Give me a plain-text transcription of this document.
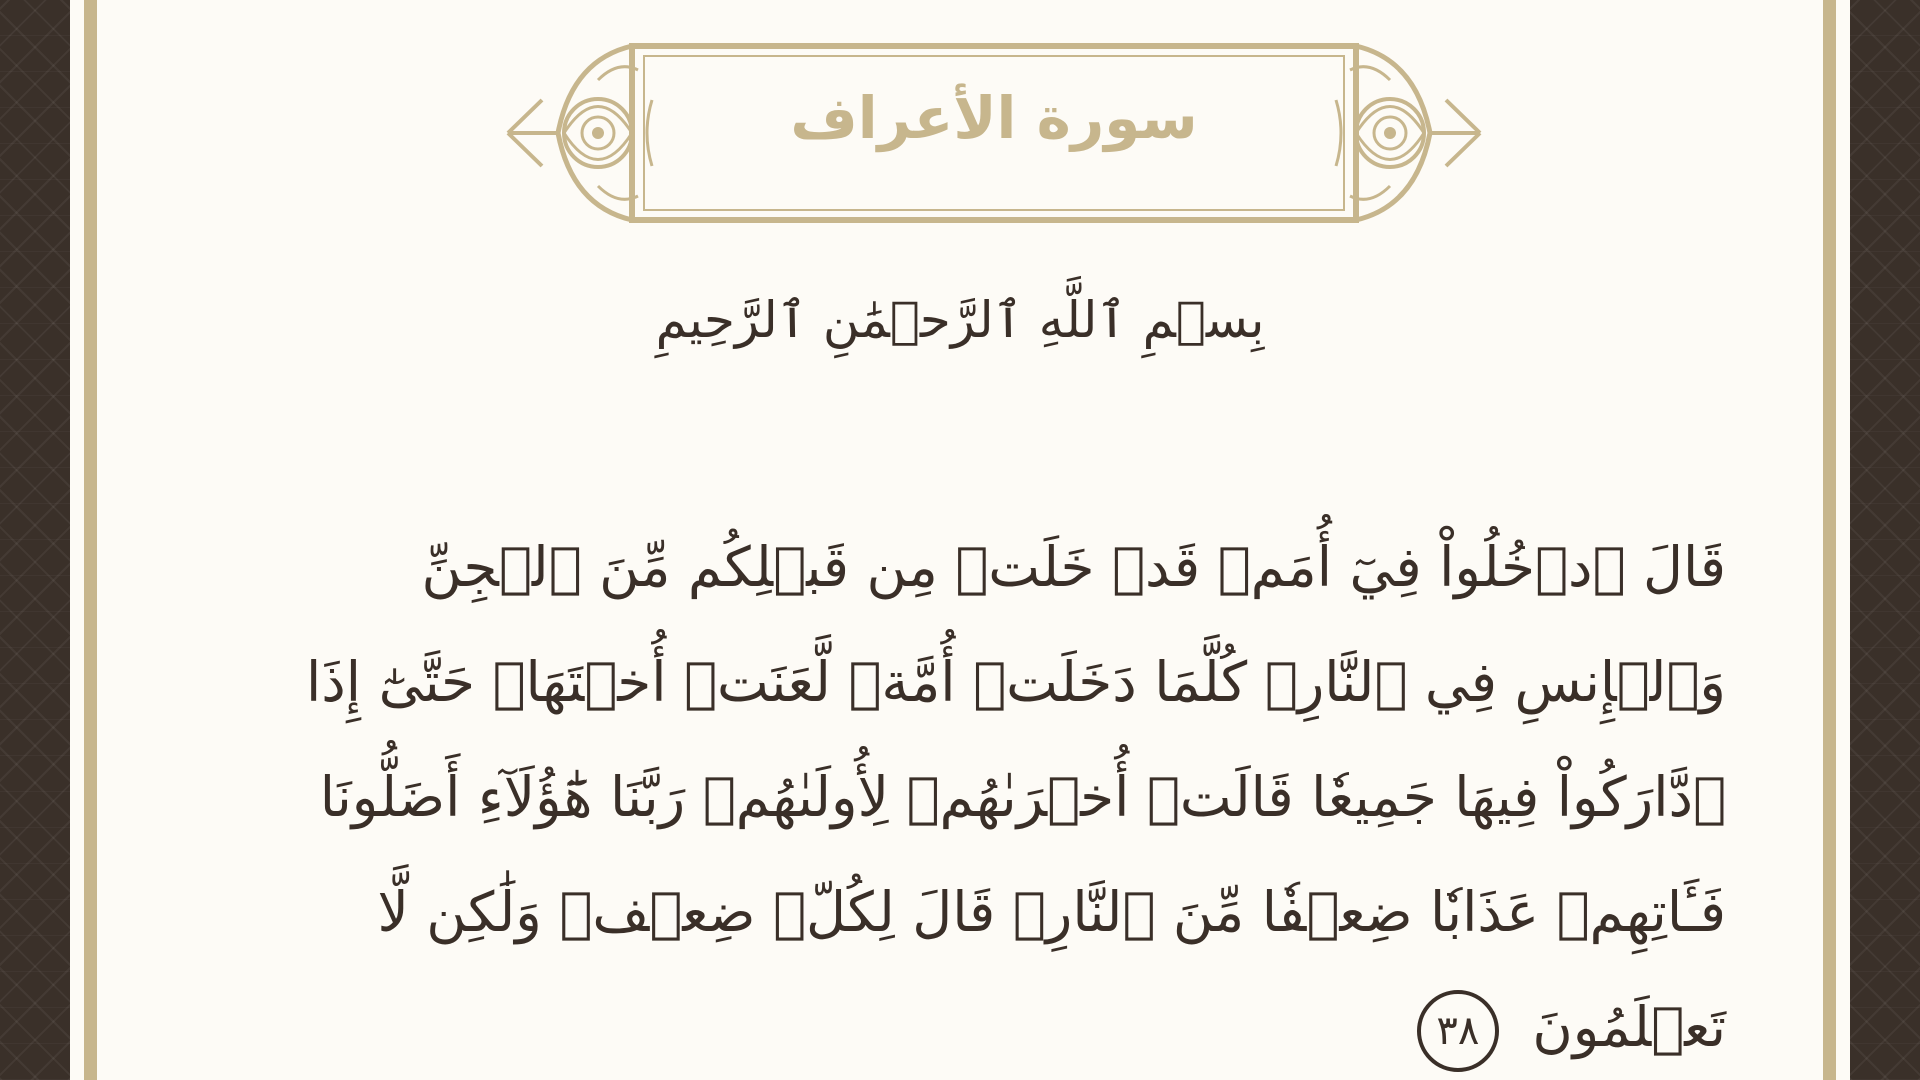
سورة الأعراف
بِسۡمِ ٱللَّهِ ٱلرَّحۡمَٰنِ ٱلرَّحِيمِ
قَالَ ٱدۡخُلُواْ فِيٓ أُمَمٖ قَدۡ خَلَتۡ مِن قَبۡلِكُم مِّنَ ٱلۡجِنِّ وَٱلۡإِنسِ فِي ٱلنَّارِۖ كُلَّمَا دَخَلَتۡ أُمَّةٞ لَّعَنَتۡ أُخۡتَهَاۖ حَتَّىٰٓ إِذَا ٱدَّارَكُواْ فِيهَا جَمِيعٗا قَالَتۡ أُخۡرَىٰهُمۡ لِأُولَىٰهُمۡ رَبَّنَا هَٰٓؤُلَآءِ أَضَلُّونَا فَـَٔاتِهِمۡ عَذَابٗا ضِعۡفٗا مِّنَ ٱلنَّارِۖ قَالَ لِكُلّٖ ضِعۡفٞ وَلَٰكِن لَّا تَعۡلَمُونَ ٣٨
